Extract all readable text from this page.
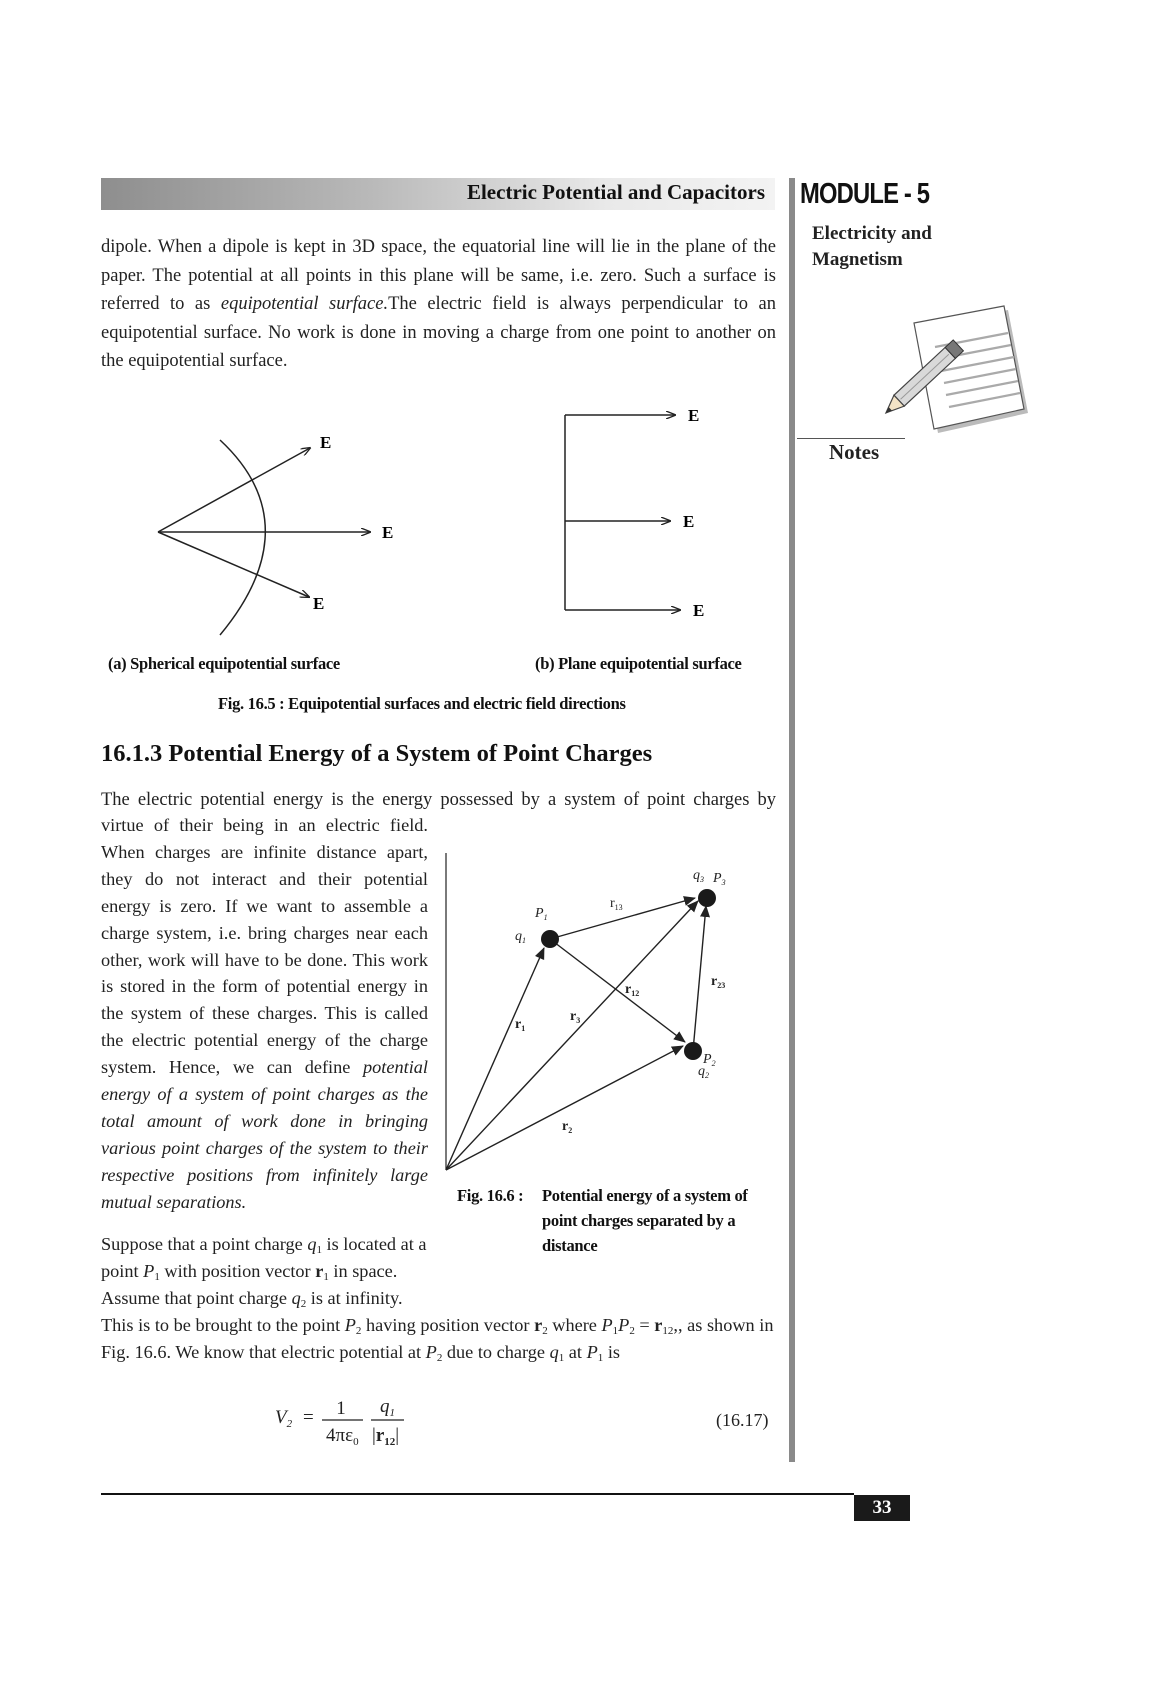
Electric Potential and Capacitors MODULE - 5
Electricity and
Magnetism
Notes
dipole. When a dipole is kept in 3D space, the equatorial line will lie in the plane of the paper. The potential at all points in this plane will be same, i.e. zero. Such a surface is referred to as equipotential surface.The electric field is always perpendicular to an equipotential surface. No work is done in moving a charge from one point to another on the equipotential surface.
E
E
E
E
E
E
(a) Spherical equipotential surface	(b) Plane equipotential surface
Fig. 16.5 : Equipotential surfaces and electric field directions
16.1.3 Potential Energy of a System of Point Charges
The electric potential energy is the energy possessed by a system of point charges by
virtue of their being in an electric field. When charges are infinite distance apart, they do not interact and their potential energy is zero. If we want to assemble a charge system, i.e. bring charges near each other, work will have to be done. This work is stored in the form of potential energy in the system of these charges. This is called the electric potential energy of the charge system. Hence, we can define potential energy of a system of point charges as the total amount of work done in bringing various point charges of the system to their respective positions from infinitely large mutual separations.
$q_1$
$P_1$
$q_2$
$P_2$
$q_3$ $P_3$
$r_1$
$r_2$
$r_3$
$r_{12}$
$r_{13}$
$r_{23}$
Fig. 16.6 : Potential energy of a system of point charges separated by a distance
Suppose that a point charge $q_1$ is located at a point $P_1$ with position vector $r_1$ in space. Assume that point charge $q_2$ is at infinity.
This is to be brought to the point $P_2$ having position vector $r_2$ where $P_1P_2 = r_{12}$,, as shown in Fig. 16.6. We know that electric potential at $P_2$ due to charge $q_1$ at $P_1$ is
$V_2 = 1$
$4\pi\varepsilon_0$
$q_1$
$|r_{12}|$
(16.17)
33
